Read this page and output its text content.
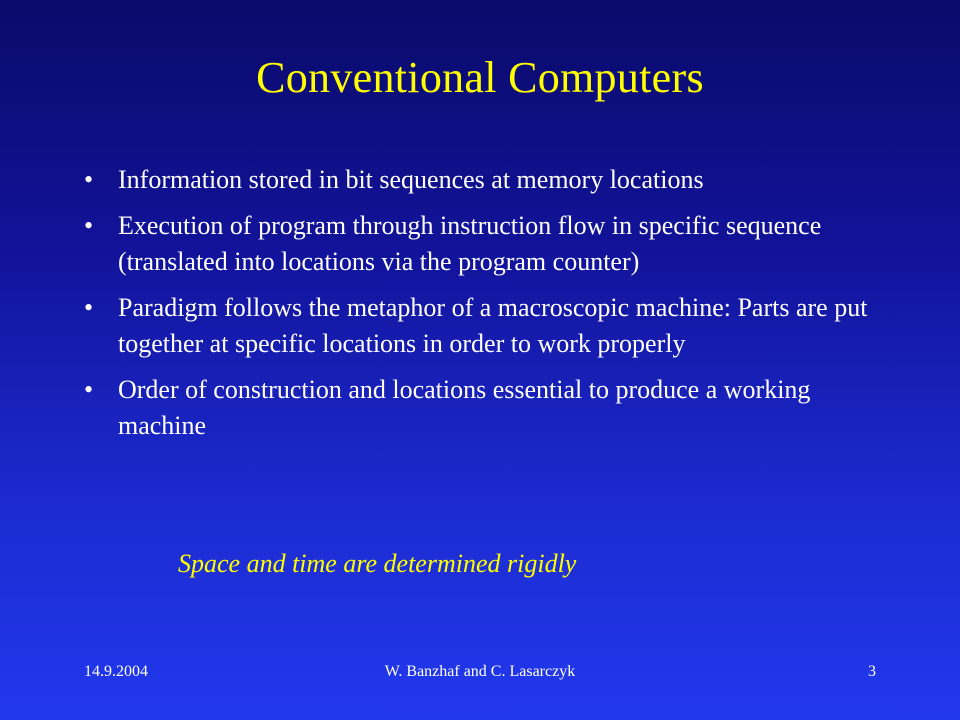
Conventional Computers
• Information stored in bit sequences at memory locations
• Execution of program through instruction flow in specific sequence (translated into locations via the program counter)
• Paradigm follows the metaphor of a macroscopic machine: Parts are put together at specific locations in order to work properly
• Order of construction and locations essential to produce a working machine
Space and time are determined rigidly
14.9.2004	W. Banzhaf and C. Lasarczyk	3
